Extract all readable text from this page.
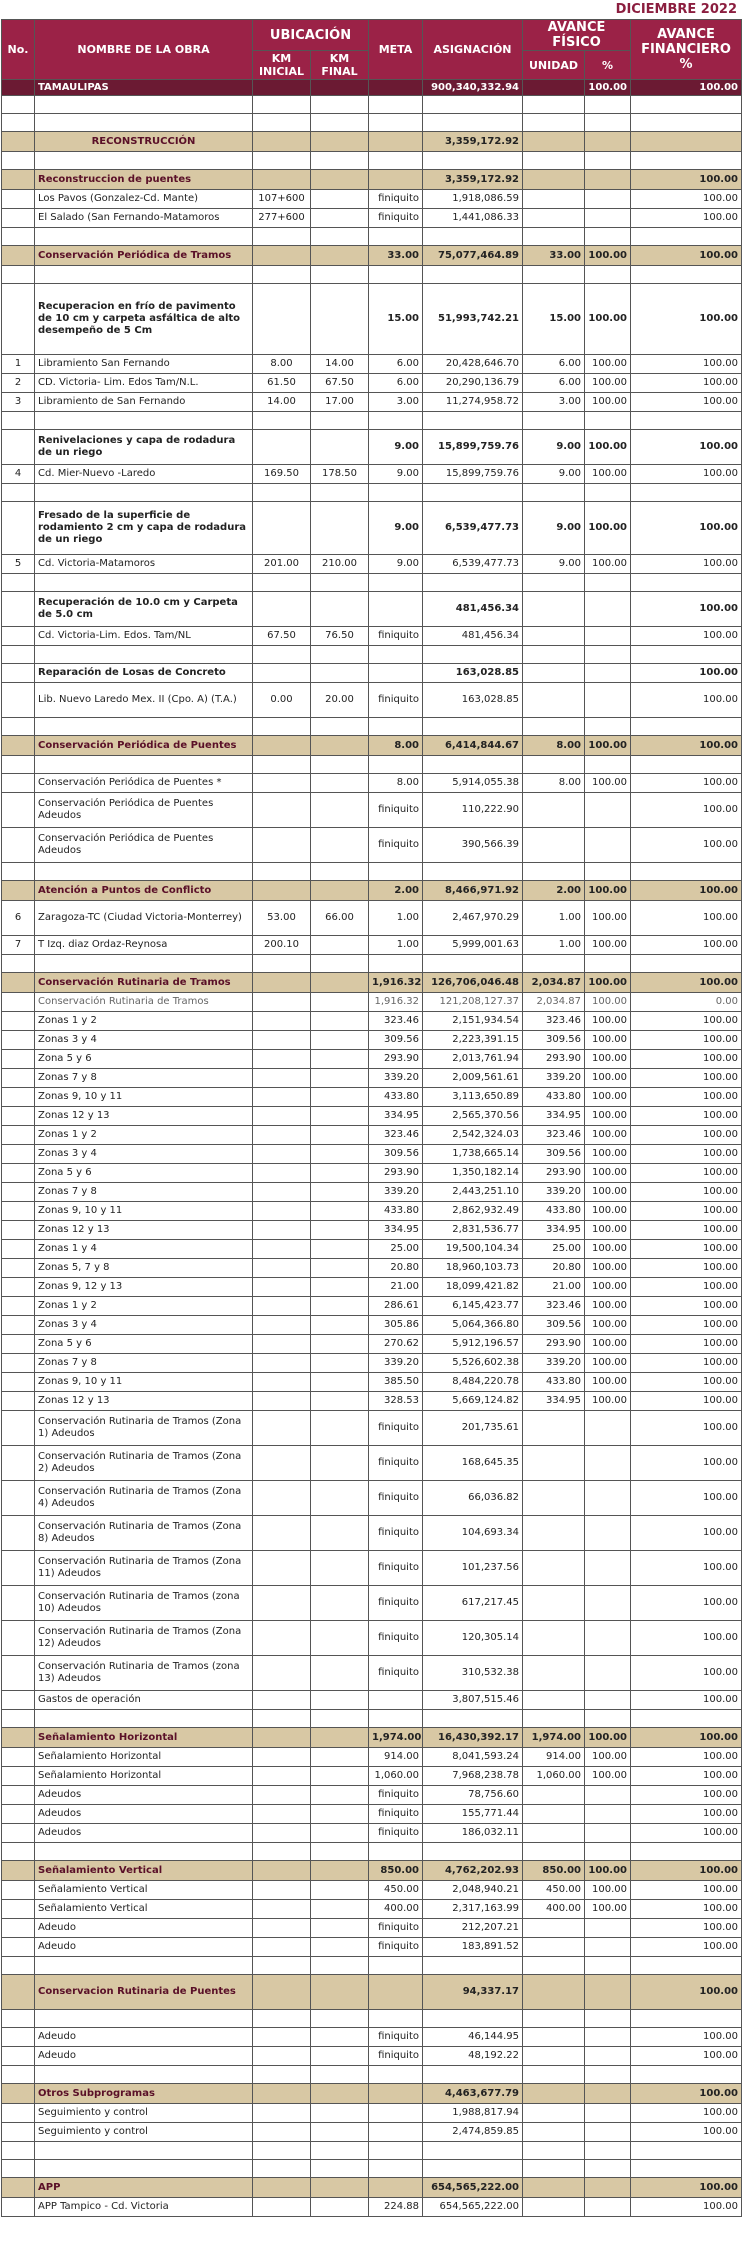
DICIEMBRE 2022
No.	NOMBRE DE LA OBRA	UBICACIÓN		META	ASIGNACIÓN	AVANCE FÍSICO		AVANCE FINANCIERO %
		KM INICIAL	KM FINAL			UNIDAD	%	
	TAMAULIPAS				900,340,332.94		100.00	100.00

	RECONSTRUCCIÓN				3,359,172.92			

	Reconstruccion de puentes				3,359,172.92			100.00
	Los Pavos (Gonzalez-Cd. Mante)	107+600		finiquito	1,918,086.59			100.00
	El Salado (San Fernando-Matamoros	277+600		finiquito	1,441,086.33			100.00

	Conservación Periódica de Tramos			33.00	75,077,464.89	33.00	100.00	100.00

	Recuperacion en frío de pavimento de 10 cm y carpeta asfáltica de alto desempeño de 5 Cm			15.00	51,993,742.21	15.00	100.00	100.00
1	Libramiento San Fernando	8.00	14.00	6.00	20,428,646.70	6.00	100.00	100.00
2	CD. Victoria- Lim. Edos Tam/N.L.	61.50	67.50	6.00	20,290,136.79	6.00	100.00	100.00
3	Libramiento de San Fernando	14.00	17.00	3.00	11,274,958.72	3.00	100.00	100.00

	Renivelaciones y capa de rodadura de un riego			9.00	15,899,759.76	9.00	100.00	100.00
4	Cd. Mier-Nuevo -Laredo	169.50	178.50	9.00	15,899,759.76	9.00	100.00	100.00

	Fresado de la superficie de rodamiento 2 cm y capa de rodadura de un riego			9.00	6,539,477.73	9.00	100.00	100.00
5	Cd. Victoria-Matamoros	201.00	210.00	9.00	6,539,477.73	9.00	100.00	100.00

	Recuperación de 10.0 cm y Carpeta de 5.0 cm				481,456.34			100.00
	Cd. Victoria-Lim. Edos. Tam/NL	67.50	76.50	finiquito	481,456.34			100.00

	Reparación de Losas de Concreto				163,028.85			100.00
	Lib. Nuevo Laredo Mex. II (Cpo. A) (T.A.)	0.00	20.00	finiquito	163,028.85			100.00

	Conservación Periódica de Puentes			8.00	6,414,844.67	8.00	100.00	100.00

	Conservación Periódica de Puentes *			8.00	5,914,055.38	8.00	100.00	100.00
	Conservación Periódica de Puentes Adeudos			finiquito	110,222.90			100.00
	Conservación Periódica de Puentes Adeudos			finiquito	390,566.39			100.00

	Atención a Puntos de Conflicto			2.00	8,466,971.92	2.00	100.00	100.00
6	Zaragoza-TC (Ciudad Victoria-Monterrey)	53.00	66.00	1.00	2,467,970.29	1.00	100.00	100.00
7	T Izq. diaz Ordaz-Reynosa	200.10		1.00	5,999,001.63	1.00	100.00	100.00

	Conservación Rutinaria de Tramos			1,916.32	126,706,046.48	2,034.87	100.00	100.00
	Conservación Rutinaria de Tramos			1,916.32	121,208,127.37	2,034.87	100.00	0.00
	Zonas 1 y 2			323.46	2,151,934.54	323.46	100.00	100.00
	Zonas 3 y 4			309.56	2,223,391.15	309.56	100.00	100.00
	Zona 5 y 6			293.90	2,013,761.94	293.90	100.00	100.00
	Zonas 7 y 8			339.20	2,009,561.61	339.20	100.00	100.00
	Zonas 9, 10 y 11			433.80	3,113,650.89	433.80	100.00	100.00
	Zonas 12 y 13			334.95	2,565,370.56	334.95	100.00	100.00
	Zonas 1 y 2			323.46	2,542,324.03	323.46	100.00	100.00
	Zonas 3 y 4			309.56	1,738,665.14	309.56	100.00	100.00
	Zona 5 y 6			293.90	1,350,182.14	293.90	100.00	100.00
	Zonas 7 y 8			339.20	2,443,251.10	339.20	100.00	100.00
	Zonas 9, 10 y 11			433.80	2,862,932.49	433.80	100.00	100.00
	Zonas 12 y 13			334.95	2,831,536.77	334.95	100.00	100.00
	Zonas 1 y 4			25.00	19,500,104.34	25.00	100.00	100.00
	Zonas 5, 7 y 8			20.80	18,960,103.73	20.80	100.00	100.00
	Zonas 9, 12 y 13			21.00	18,099,421.82	21.00	100.00	100.00
	Zonas 1 y 2			286.61	6,145,423.77	323.46	100.00	100.00
	Zonas 3 y 4			305.86	5,064,366.80	309.56	100.00	100.00
	Zona 5 y 6			270.62	5,912,196.57	293.90	100.00	100.00
	Zonas 7 y 8			339.20	5,526,602.38	339.20	100.00	100.00
	Zonas 9, 10 y 11			385.50	8,484,220.78	433.80	100.00	100.00
	Zonas 12 y 13			328.53	5,669,124.82	334.95	100.00	100.00
	Conservación Rutinaria de Tramos (Zona 1) Adeudos			finiquito	201,735.61			100.00
	Conservación Rutinaria de Tramos (Zona 2) Adeudos			finiquito	168,645.35			100.00
	Conservación Rutinaria de Tramos (Zona 4) Adeudos			finiquito	66,036.82			100.00
	Conservación Rutinaria de Tramos (Zona 8) Adeudos			finiquito	104,693.34			100.00
	Conservación Rutinaria de Tramos (Zona 11) Adeudos			finiquito	101,237.56			100.00
	Conservación Rutinaria de Tramos (zona 10) Adeudos			finiquito	617,217.45			100.00
	Conservación Rutinaria de Tramos (Zona 12) Adeudos			finiquito	120,305.14			100.00
	Conservación Rutinaria de Tramos (zona 13) Adeudos			finiquito	310,532.38			100.00
	Gastos de operación				3,807,515.46			100.00

	Señalamiento Horizontal			1,974.00	16,430,392.17	1,974.00	100.00	100.00
	Señalamiento Horizontal			914.00	8,041,593.24	914.00	100.00	100.00
	Señalamiento Horizontal			1,060.00	7,968,238.78	1,060.00	100.00	100.00
	Adeudos			finiquito	78,756.60			100.00
	Adeudos			finiquito	155,771.44			100.00
	Adeudos			finiquito	186,032.11			100.00

	Señalamiento Vertical			850.00	4,762,202.93	850.00	100.00	100.00
	Señalamiento Vertical			450.00	2,048,940.21	450.00	100.00	100.00
	Señalamiento Vertical			400.00	2,317,163.99	400.00	100.00	100.00
	Adeudo			finiquito	212,207.21			100.00
	Adeudo			finiquito	183,891.52			100.00

	Conservacion Rutinaria de Puentes				94,337.17			100.00

	Adeudo			finiquito	46,144.95			100.00
	Adeudo			finiquito	48,192.22			100.00

	Otros Subprogramas				4,463,677.79			100.00
	Seguimiento y control				1,988,817.94			100.00
	Seguimiento y control				2,474,859.85			100.00

	APP				654,565,222.00			100.00
	APP Tampico - Cd. Victoria			224.88	654,565,222.00			100.00
